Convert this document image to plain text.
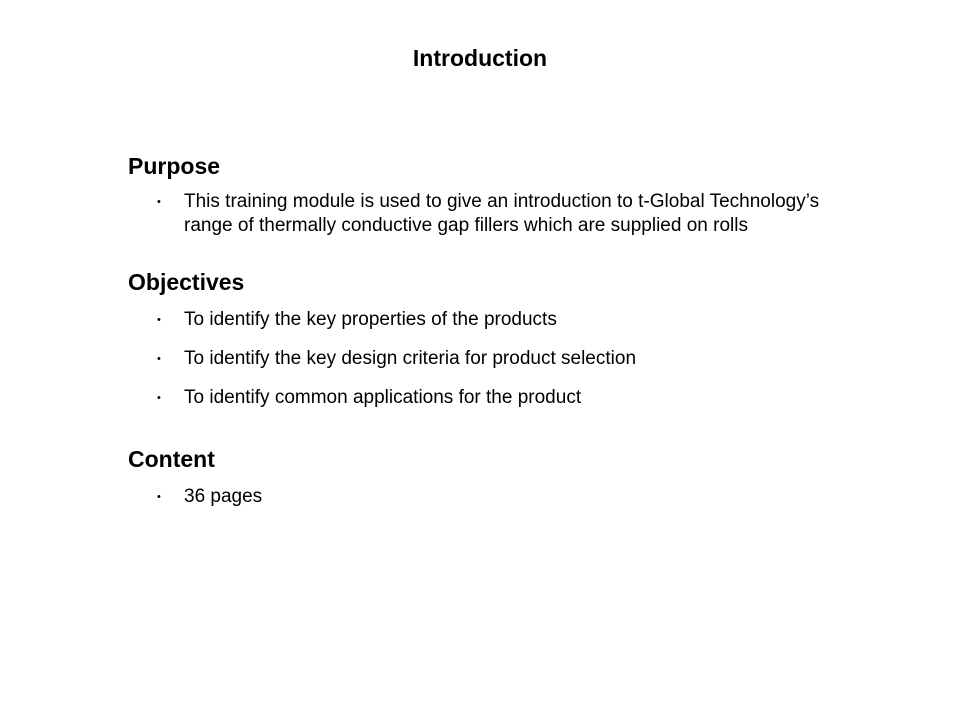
Introduction
Purpose
• This training module is used to give an introduction to t-Global Technology’s range of thermally conductive gap fillers which are supplied on rolls
Objectives
• To identify the key properties of the products
• To identify the key design criteria for product selection
• To identify common applications for the product
Content
• 36 pages
